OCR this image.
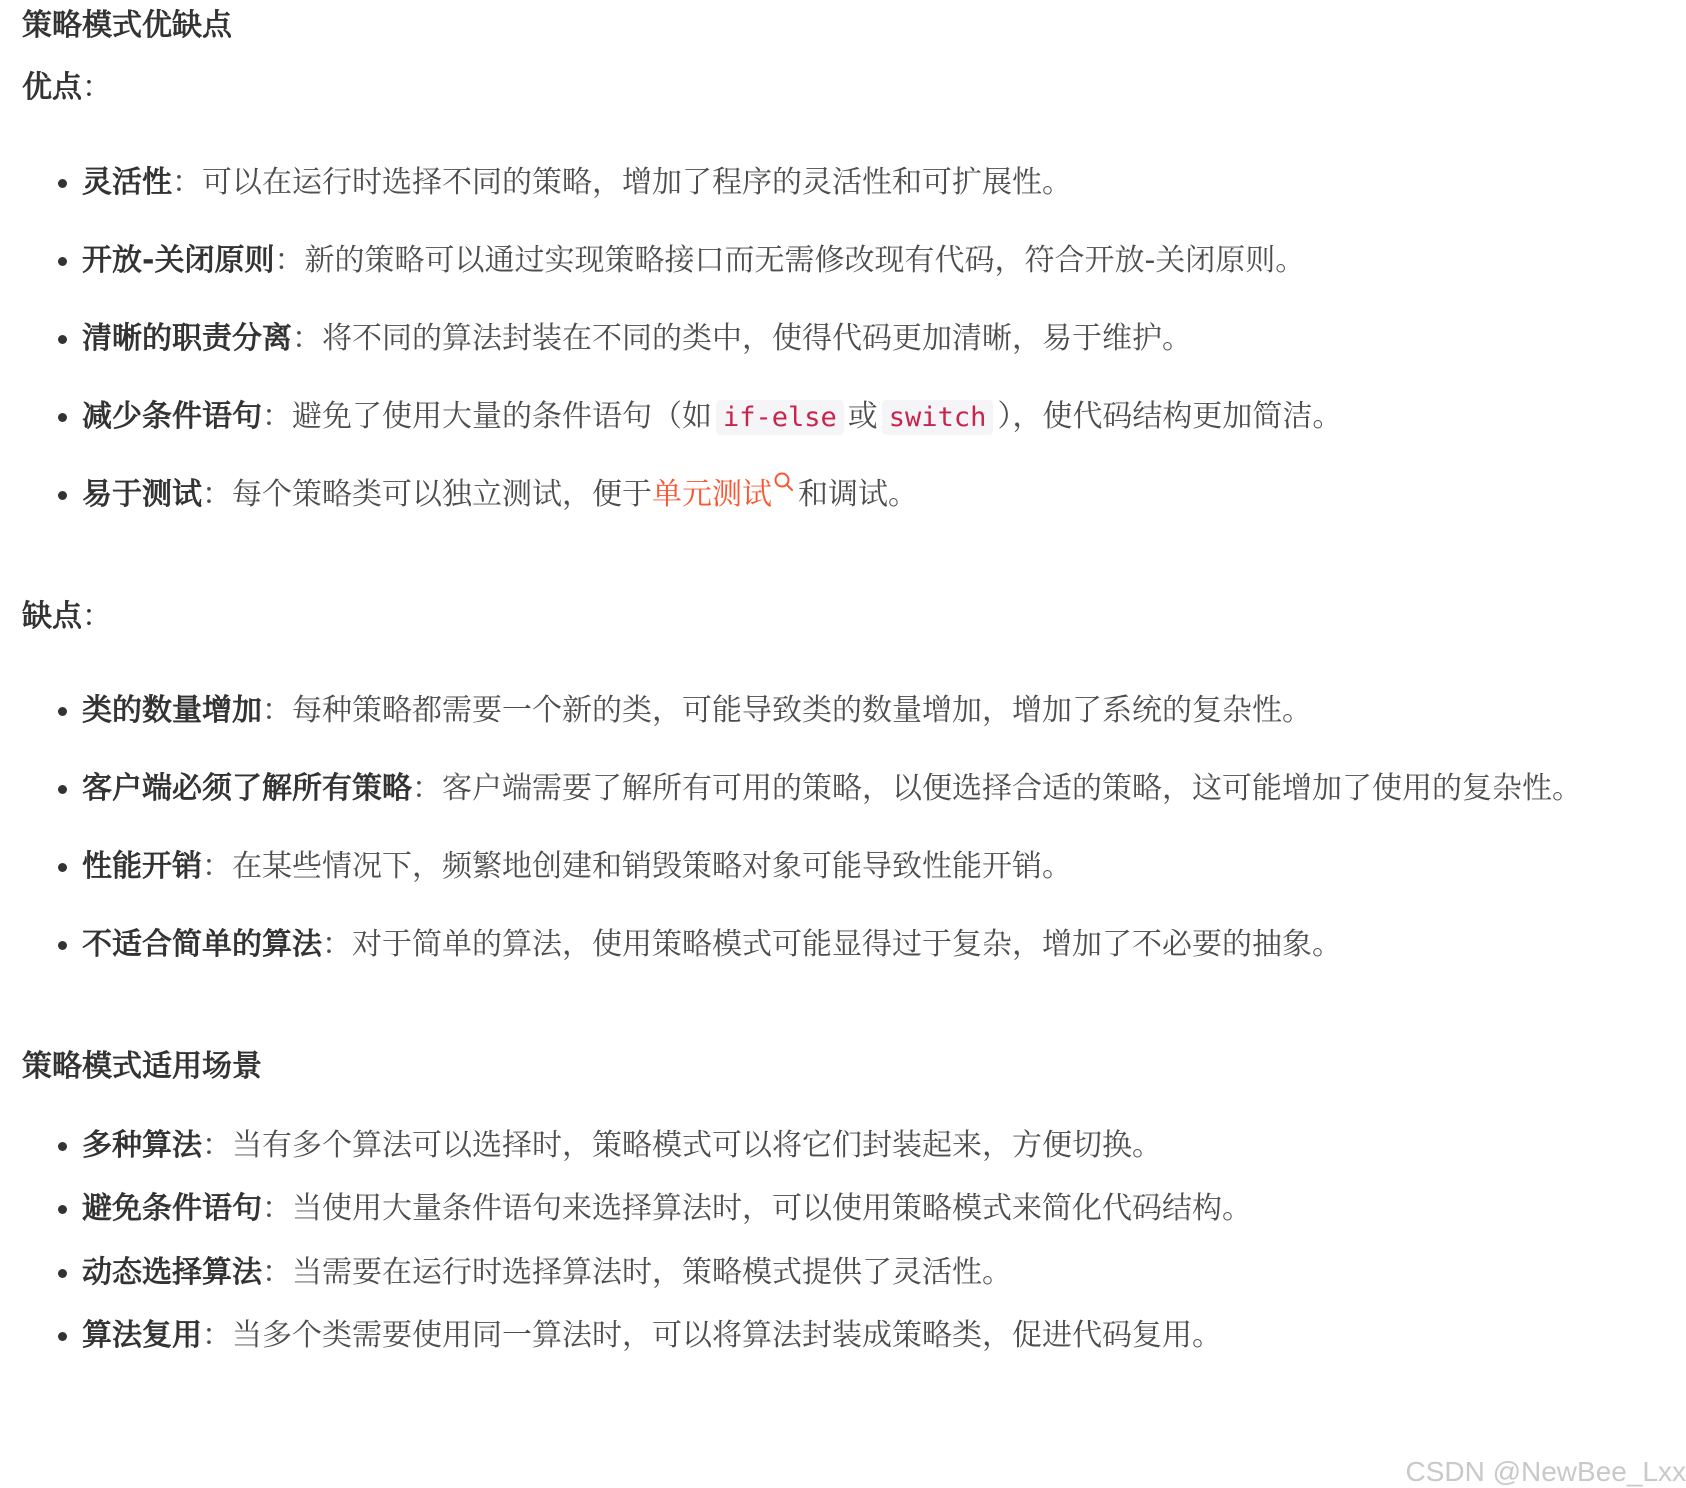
策略模式优缺点
优点：
灵活性：可以在运行时选择不同的策略，增加了程序的灵活性和可扩展性。
开放-关闭原则：新的策略可以通过实现策略接口而无需修改现有代码，符合开放-关闭原则。
清晰的职责分离：将不同的算法封装在不同的类中，使得代码更加清晰，易于维护。
减少条件语句：避免了使用大量的条件语句（如 if-else 或 switch ），使代码结构更加简洁。
易于测试：每个策略类可以独立测试，便于单元测试 和调试。
缺点：
类的数量增加：每种策略都需要一个新的类，可能导致类的数量增加，增加了系统的复杂性。
客户端必须了解所有策略：客户端需要了解所有可用的策略，以便选择合适的策略，这可能增加了使用的复杂性。
性能开销：在某些情况下，频繁地创建和销毁策略对象可能导致性能开销。
不适合简单的算法：对于简单的算法，使用策略模式可能显得过于复杂，增加了不必要的抽象。
策略模式适用场景
多种算法：当有多个算法可以选择时，策略模式可以将它们封装起来，方便切换。
避免条件语句：当使用大量条件语句来选择算法时，可以使用策略模式来简化代码结构。
动态选择算法：当需要在运行时选择算法时，策略模式提供了灵活性。
算法复用：当多个类需要使用同一算法时，可以将算法封装成策略类，促进代码复用。
CSDN @NewBee_Lxx
